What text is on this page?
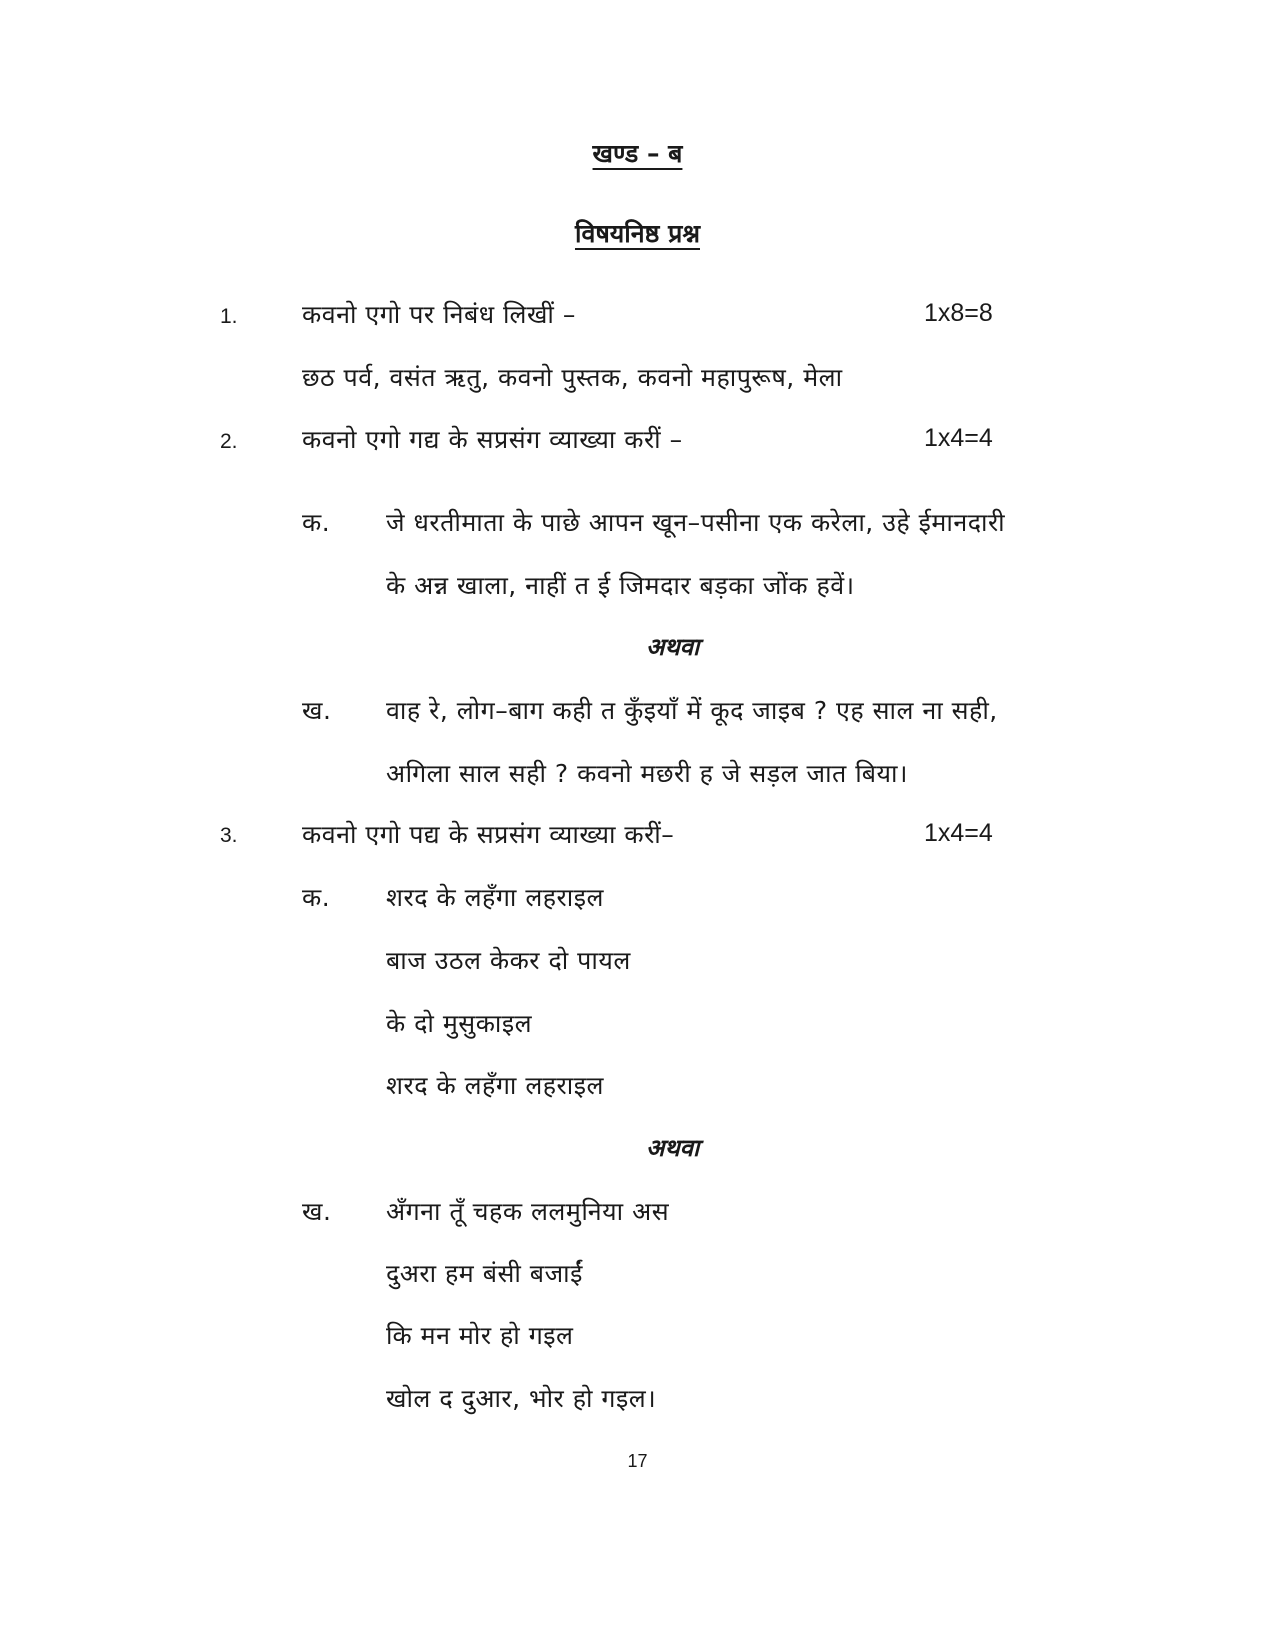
खण्ड – ब
विषयनिष्ठ प्रश्न
1.	कवनो एगो पर निबंध लिखीं –	1x8=8
छठ पर्व, वसंत ऋतु, कवनो पुस्तक, कवनो महापुरूष, मेला
2.	कवनो एगो गद्य के सप्रसंग व्याख्या करीं –	1x4=4
क. जे धरतीमाता के पाछे आपन खून–पसीना एक करेला, उहे ईमानदारी
के अन्न खाला, नाहीं त ई जिमदार बड़का जोंक हवें।
अथवा
ख. वाह रे, लोग–बाग कही त कुँइयाँ में कूद जाइब ? एह साल ना सही,
अगिला साल सही ? कवनो मछरी ह जे सड़ल जात बिया।
3.	कवनो एगो पद्य के सप्रसंग व्याख्या करीं–	1x4=4
क. शरद के लहँगा लहराइल
बाज उठल केकर दो पायल
के दो मुसुकाइल
शरद के लहँगा लहराइल
अथवा
ख. अँगना तूँ चहक ललमुनिया अस
दुअरा हम बंसी बजाईं
कि मन मोर हो गइल
खोल द दुआर, भोर हो गइल।
17
